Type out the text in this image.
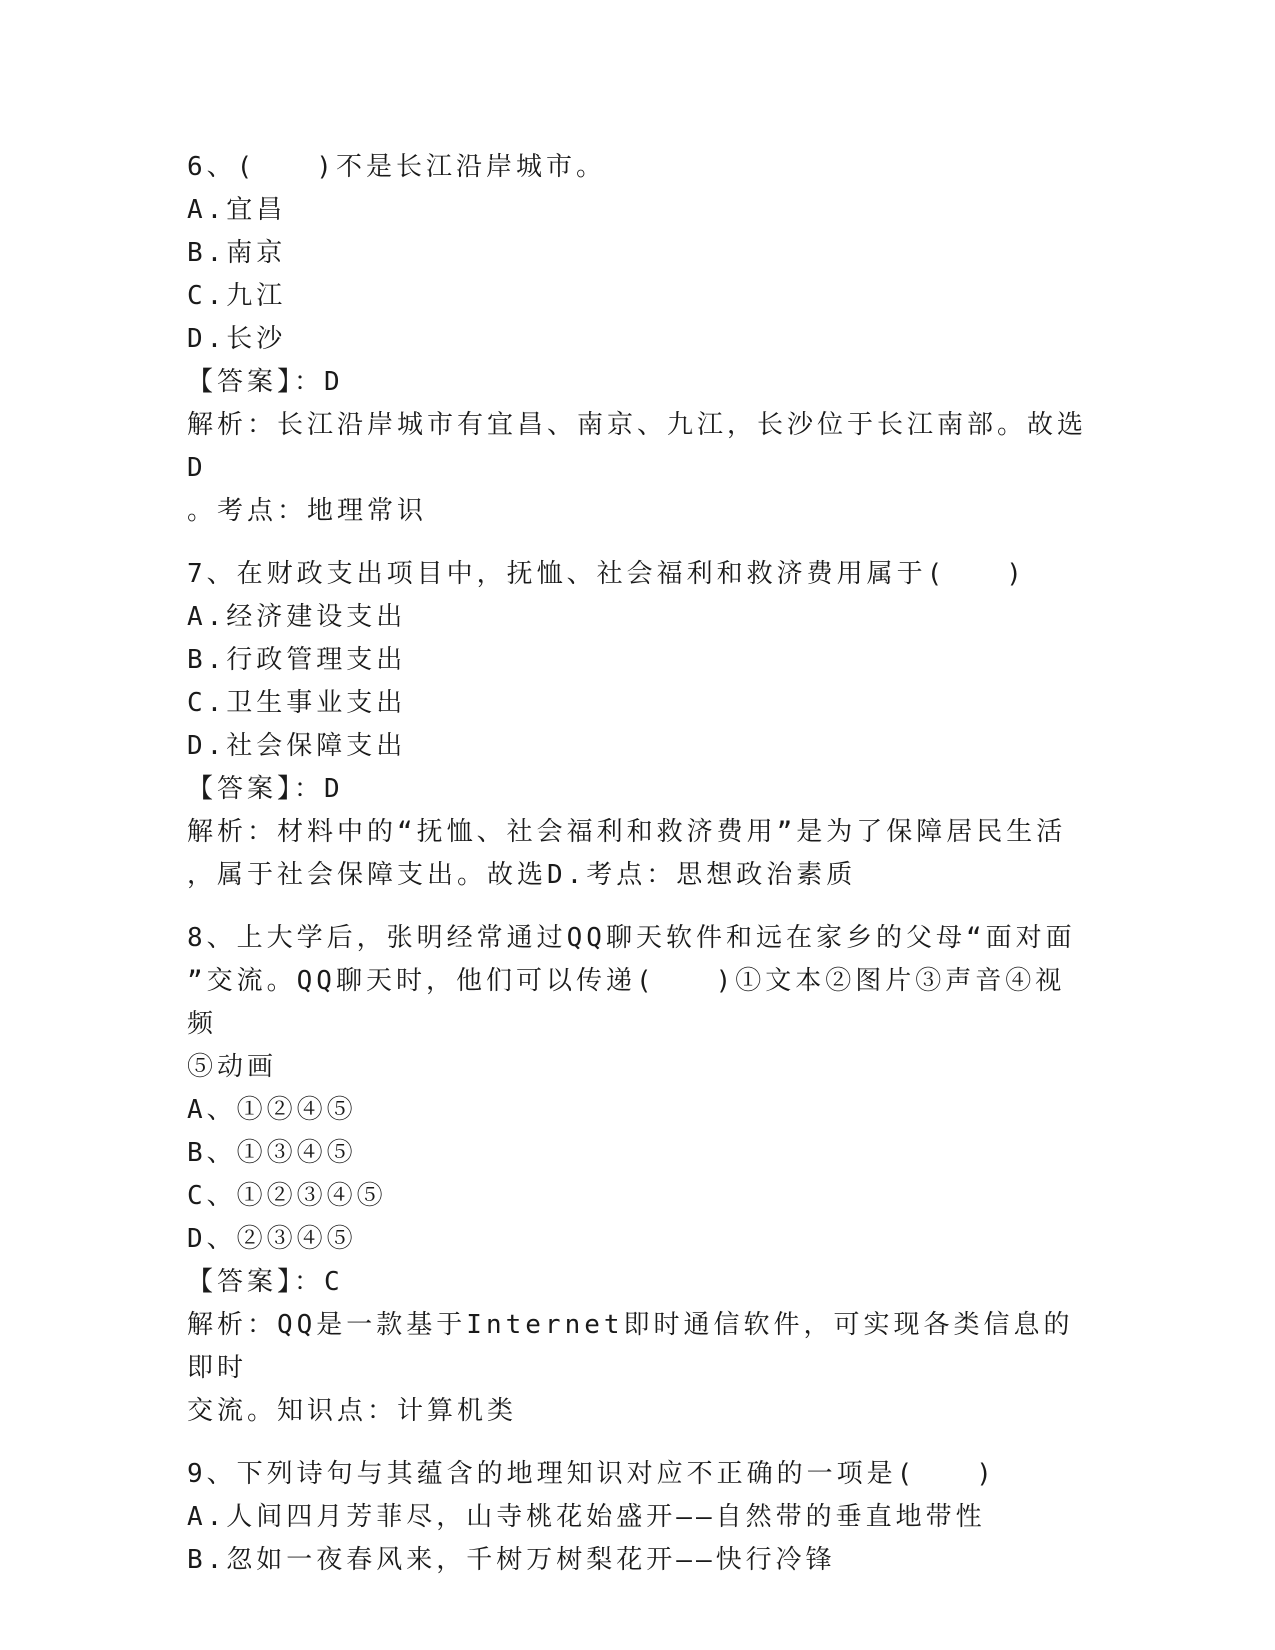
6、(　　)不是长江沿岸城市。
A.宜昌
B.南京
C.九江
D.长沙
【答案】：D
解析：长江沿岸城市有宜昌、南京、九江，长沙位于长江南部。故选D
。考点：地理常识
7、在财政支出项目中，抚恤、社会福利和救济费用属于(　　)
A.经济建设支出
B.行政管理支出
C.卫生事业支出
D.社会保障支出
【答案】：D
解析：材料中的“抚恤、社会福利和救济费用”是为了保障居民生活
，属于社会保障支出。故选D.考点：思想政治素质
8、上大学后，张明经常通过QQ聊天软件和远在家乡的父母“面对面
”交流。QQ聊天时，他们可以传递(　　)①文本②图片③声音④视频
⑤动画
A、①②④⑤
B、①③④⑤
C、①②③④⑤
D、②③④⑤
【答案】：C
解析：QQ是一款基于Internet即时通信软件，可实现各类信息的即时
交流。知识点：计算机类
9、下列诗句与其蕴含的地理知识对应不正确的一项是(　　)
A.人间四月芳菲尽，山寺桃花始盛开——自然带的垂直地带性
B.忽如一夜春风来，千树万树梨花开——快行冷锋
